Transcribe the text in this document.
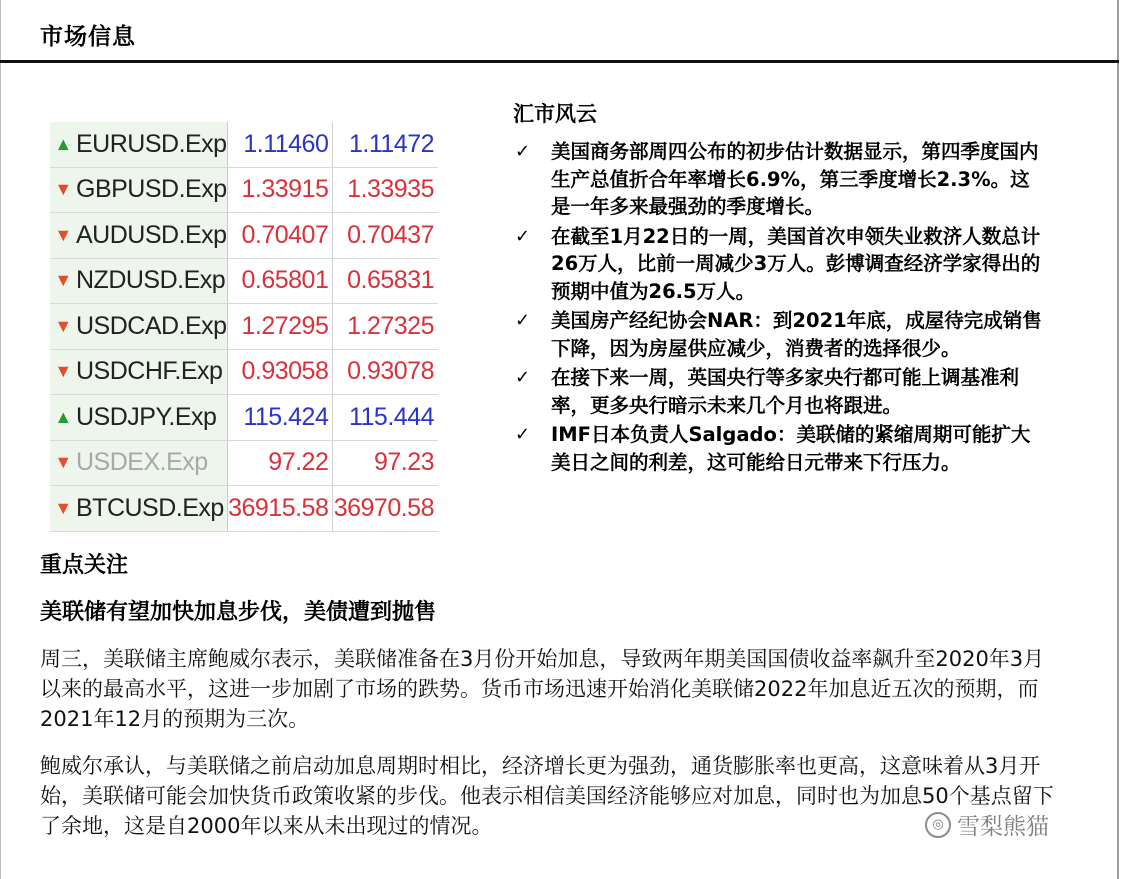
市场信息
▲ EURUSD.Exp	1.11460	1.11472
▼ GBPUSD.Exp	1.33915	1.33935
▼ AUDUSD.Exp	0.70407	0.70437
▼ NZDUSD.Exp	0.65801	0.65831
▼ USDCAD.Exp	1.27295	1.27325
▼ USDCHF.Exp	0.93058	0.93078
▲ USDJPY.Exp	115.424	115.444
▼ USDEX.Exp	97.22	97.23
▼ BTCUSD.Exp	36915.58	36970.58
汇市风云
✓ 美国商务部周四公布的初步估计数据显示，第四季度国内生产总值折合年率增长6.9%，第三季度增长2.3%。这是一年多来最强劲的季度增长。
✓ 在截至1月22日的一周，美国首次申领失业救济人数总计26万人，比前一周减少3万人。彭博调查经济学家得出的预期中值为26.5万人。
✓ 美国房产经纪协会NAR：到2021年底，成屋待完成销售下降，因为房屋供应减少，消费者的选择很少。
✓ 在接下来一周，英国央行等多家央行都可能上调基准利率，更多央行暗示未来几个月也将跟进。
✓ IMF日本负责人Salgado：美联储的紧缩周期可能扩大美日之间的利差，这可能给日元带来下行压力。
重点关注
美联储有望加快加息步伐，美债遭到抛售

周三，美联储主席鲍威尔表示，美联储准备在3月份开始加息，导致两年期美国国债收益率飙升至2020年3月以来的最高水平，这进一步加剧了市场的跌势。货币市场迅速开始消化美联储2022年加息近五次的预期，而2021年12月的预期为三次。

鲍威尔承认，与美联储之前启动加息周期时相比，经济增长更为强劲，通货膨胀率也更高，这意味着从3月开始，美联储可能会加快货币政策收紧的步伐。他表示相信美国经济能够应对加息，同时也为加息50个基点留下了余地，这是自2000年以来从未出现过的情况。	◎ 雪梨熊猫
